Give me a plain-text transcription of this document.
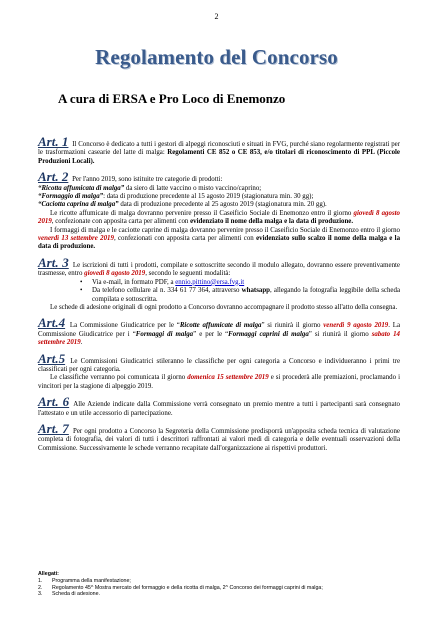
2
Regolamento del Concorso
A cura di ERSA e Pro Loco di Enemonzo

Art. 1 Il Concorso è dedicato a tutti i gestori di alpeggi riconosciuti e situati in FVG, purché siano regolarmente registrati per le trasformazioni casearie del latte di malga: Regolamenti CE 852 o CE 853, e/o titolari di riconoscimento di PPL (Piccole Produzioni Locali).

Art. 2 Per l'anno 2019, sono istituite tre categorie di prodotti:

“Ricotta affumicata di malga” da siero di latte vaccino o misto vaccino/caprino;

“Formaggio di malga”: data di produzione precedente al 15 agosto 2019 (stagionatura min. 30 gg);

“Caciotta caprina di malga” data di produzione precedente al 25 agosto 2019 (stagionatura min. 20 gg).

Le ricotte affumicate di malga dovranno pervenire presso il Caseificio Sociale di Enemonzo entro il giorno giovedì 8 agosto 2019, confezionate con apposita carta per alimenti con evidenziato il nome della malga e la data di produzione.

I formaggi di malga e le caciotte caprine di malga dovranno pervenire presso il Caseificio Sociale di Enemonzo entro il giorno venerdì 13 settembre 2019, confezionati con apposita carta per alimenti con evidenziato sullo scalzo il nome della malga e la data di produzione.

Art. 3 Le iscrizioni di tutti i prodotti, compilate e sottoscritte secondo il modulo allegato, dovranno essere preventivamente trasmesse, entro giovedì 8 agosto 2019, secondo le seguenti modalità:

• Via e-mail, in formato PDF, a ennio.pittino@ersa.fvg.it
• Da telefono cellulare al n. 334 61 77 364, attraverso whatsapp, allegando la fotografia leggibile della scheda compilata e sottoscritta.

Le schede di adesione originali di ogni prodotto a Concorso dovranno accompagnare il prodotto stesso all'atto della consegna.

Art.4 La Commissione Giudicatrice per le “Ricotte affumicate di malga” si riunirà il giorno venerdì 9 agosto 2019. La Commissione Giudicatrice per i “Formaggi di malga” e per le “Formaggi caprini di malga” si riunirà il giorno sabato 14 settembre 2019.

Art.5 Le Commissioni Giudicatrici stileranno le classifiche per ogni categoria a Concorso e individueranno i primi tre classificati per ogni categoria.

Le classifiche verranno poi comunicata il giorno domenica 15 settembre 2019 e si procederà alle premiazioni, proclamando i vincitori per la stagione di alpeggio 2019.

Art. 6 Alle Aziende indicate dalla Commissione verrà consegnato un premio mentre a tutti i partecipanti sarà consegnato l'attestato e un utile accessorio di partecipazione.

Art. 7 Per ogni prodotto a Concorso la Segreteria della Commissione predisporrà un'apposita scheda tecnica di valutazione completa di fotografia, dei valori di tutti i descrittori raffrontati ai valori medi di categoria e delle eventuali osservazioni della Commissione. Successivamente le schede verranno recapitate dall'organizzazione ai rispettivi produttori.

Allegati:
1. Programma della manifestazione;
2. Regolamento 45^ Mostra mercato del formaggio e della ricotta di malga, 2^ Concorso dei formaggi caprini di malga;
3. Scheda di adesione.
